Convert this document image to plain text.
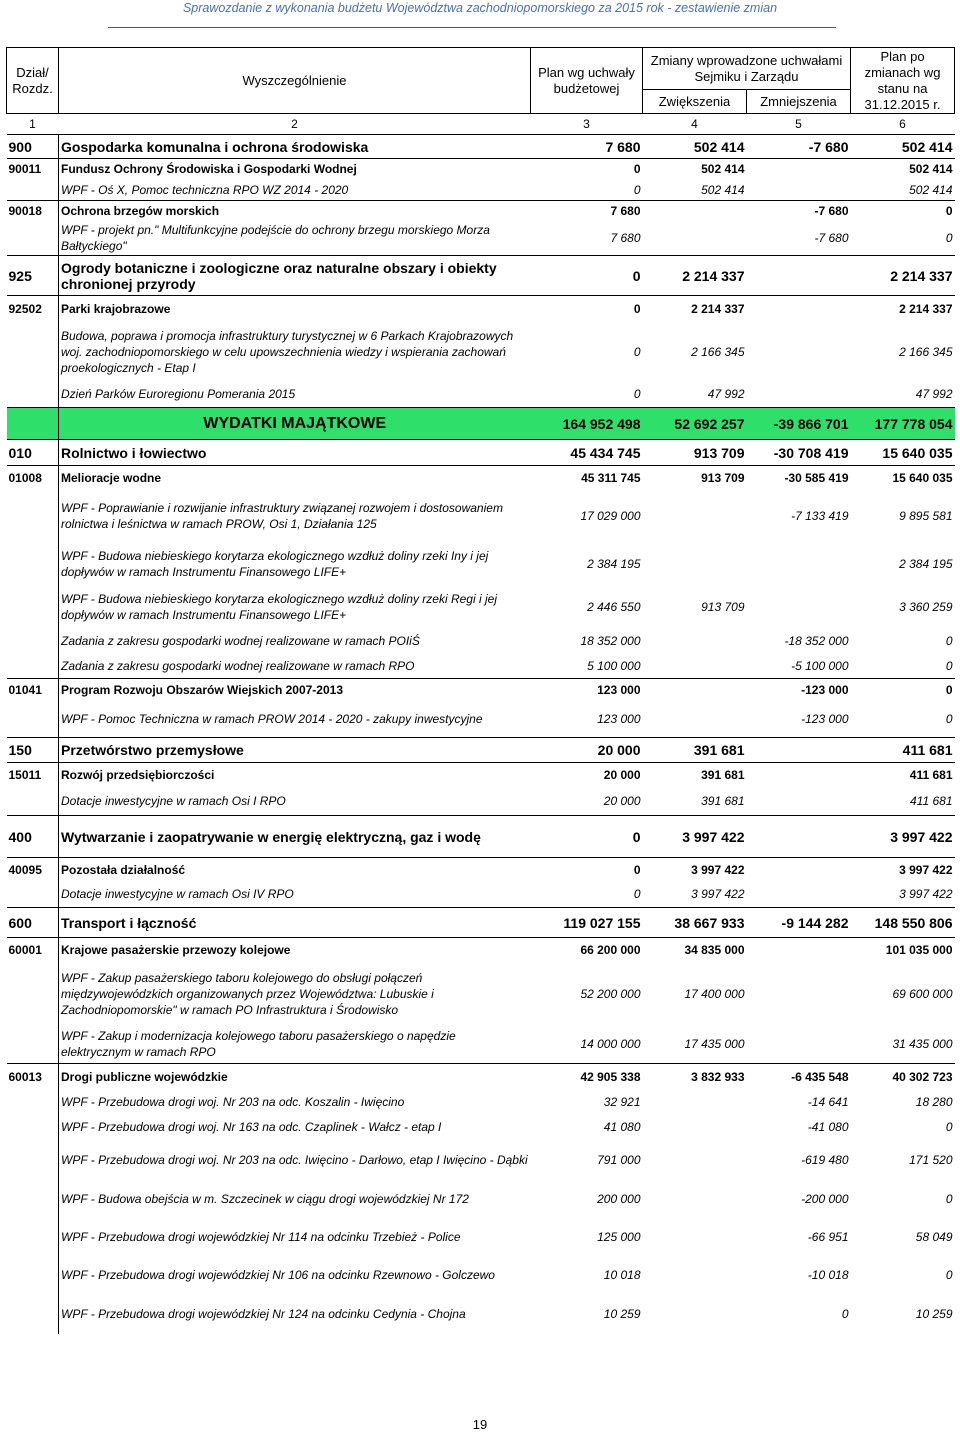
Sprawozdanie z wykonania budżetu Województwa zachodniopomorskiego za 2015 rok - zestawienie zmian
Dział/ Rozdz.	Wyszczególnienie	Plan wg uchwały budżetowej	Zmiany wprowadzone uchwałami Sejmiku i Zarządu		Plan po zmianach wg stanu na 31.12.2015 r.
			Zwiększenia	Zmniejszenia	
1	2	3	4	5	6
900	Gospodarka komunalna i ochrona środowiska	7 680	502 414	-7 680	502 414
90011	Fundusz Ochrony Środowiska i Gospodarki Wodnej	0	502 414		502 414
	WPF - Oś X, Pomoc techniczna RPO WZ 2014 - 2020	0	502 414		502 414
90018	Ochrona brzegów morskich	7 680		-7 680	0
	WPF - projekt pn." Multifunkcyjne podejście do ochrony brzegu morskiego Morza Bałtyckiego"	7 680		-7 680	0
925	Ogrody botaniczne i zoologiczne oraz naturalne obszary i obiekty chronionej przyrody	0	2 214 337		2 214 337
92502	Parki krajobrazowe	0	2 214 337		2 214 337
	Budowa, poprawa i promocja infrastruktury turystycznej w 6 Parkach Krajobrazowych woj. zachodniopomorskiego w celu upowszechnienia wiedzy i wspierania zachowań proekologicznych - Etap I	0	2 166 345		2 166 345
	Dzień Parków Euroregionu Pomerania 2015	0	47 992		47 992
	WYDATKI MAJĄTKOWE	164 952 498	52 692 257	-39 866 701	177 778 054
010	Rolnictwo i łowiectwo	45 434 745	913 709	-30 708 419	15 640 035
01008	Melioracje wodne	45 311 745	913 709	-30 585 419	15 640 035
	WPF - Poprawianie i rozwijanie infrastruktury związanej rozwojem i dostosowaniem rolnictwa i leśnictwa w ramach PROW, Osi 1, Działania 125	17 029 000		-7 133 419	9 895 581
	WPF - Budowa niebieskiego korytarza ekologicznego wzdłuż doliny rzeki Iny i jej dopływów w ramach Instrumentu Finansowego LIFE+	2 384 195			2 384 195
	WPF - Budowa niebieskiego korytarza ekologicznego wzdłuż doliny rzeki Regi i jej dopływów w ramach Instrumentu Finansowego LIFE+	2 446 550	913 709		3 360 259
	Zadania z zakresu gospodarki wodnej realizowane w ramach POIiŚ	18 352 000		-18 352 000	0
	Zadania z zakresu gospodarki wodnej realizowane w ramach RPO	5 100 000		-5 100 000	0
01041	Program Rozwoju Obszarów Wiejskich 2007-2013	123 000		-123 000	0
	WPF - Pomoc Techniczna w ramach PROW 2014 - 2020 - zakupy inwestycyjne	123 000		-123 000	0
150	Przetwórstwo przemysłowe	20 000	391 681		411 681
15011	Rozwój przedsiębiorczości	20 000	391 681		411 681
	Dotacje inwestycyjne w ramach Osi I RPO	20 000	391 681		411 681
400	Wytwarzanie i zaopatrywanie w energię elektryczną, gaz i wodę	0	3 997 422		3 997 422
40095	Pozostała działalność	0	3 997 422		3 997 422
	Dotacje inwestycyjne w ramach Osi IV RPO	0	3 997 422		3 997 422
600	Transport i łączność	119 027 155	38 667 933	-9 144 282	148 550 806
60001	Krajowe pasażerskie przewozy kolejowe	66 200 000	34 835 000		101 035 000
	WPF - Zakup pasażerskiego taboru kolejowego do obsługi połączeń międzywojewódzkich organizowanych przez Województwa: Lubuskie i Zachodniopomorskie" w ramach PO Infrastruktura i Środowisko	52 200 000	17 400 000		69 600 000
	WPF - Zakup i modernizacja kolejowego taboru pasażerskiego o napędzie elektrycznym w ramach RPO	14 000 000	17 435 000		31 435 000
60013	Drogi publiczne wojewódzkie	42 905 338	3 832 933	-6 435 548	40 302 723
	WPF - Przebudowa drogi woj. Nr 203 na odc. Koszalin - Iwięcino	32 921		-14 641	18 280
	WPF - Przebudowa drogi woj. Nr 163 na odc. Czaplinek - Wałcz - etap I	41 080		-41 080	0
	WPF - Przebudowa drogi woj. Nr 203 na odc. Iwięcino - Darłowo, etap I Iwięcino - Dąbki	791 000		-619 480	171 520
	WPF - Budowa obejścia w m. Szczecinek w ciągu drogi wojewódzkiej Nr 172	200 000		-200 000	0
	WPF - Przebudowa drogi wojewódzkiej Nr 114 na odcinku Trzebież - Police	125 000		-66 951	58 049
	WPF - Przebudowa drogi wojewódzkiej Nr 106 na odcinku Rzewnowo - Golczewo	10 018		-10 018	0
	WPF - Przebudowa drogi wojewódzkiej Nr 124 na odcinku Cedynia - Chojna	10 259		0	10 259
19
